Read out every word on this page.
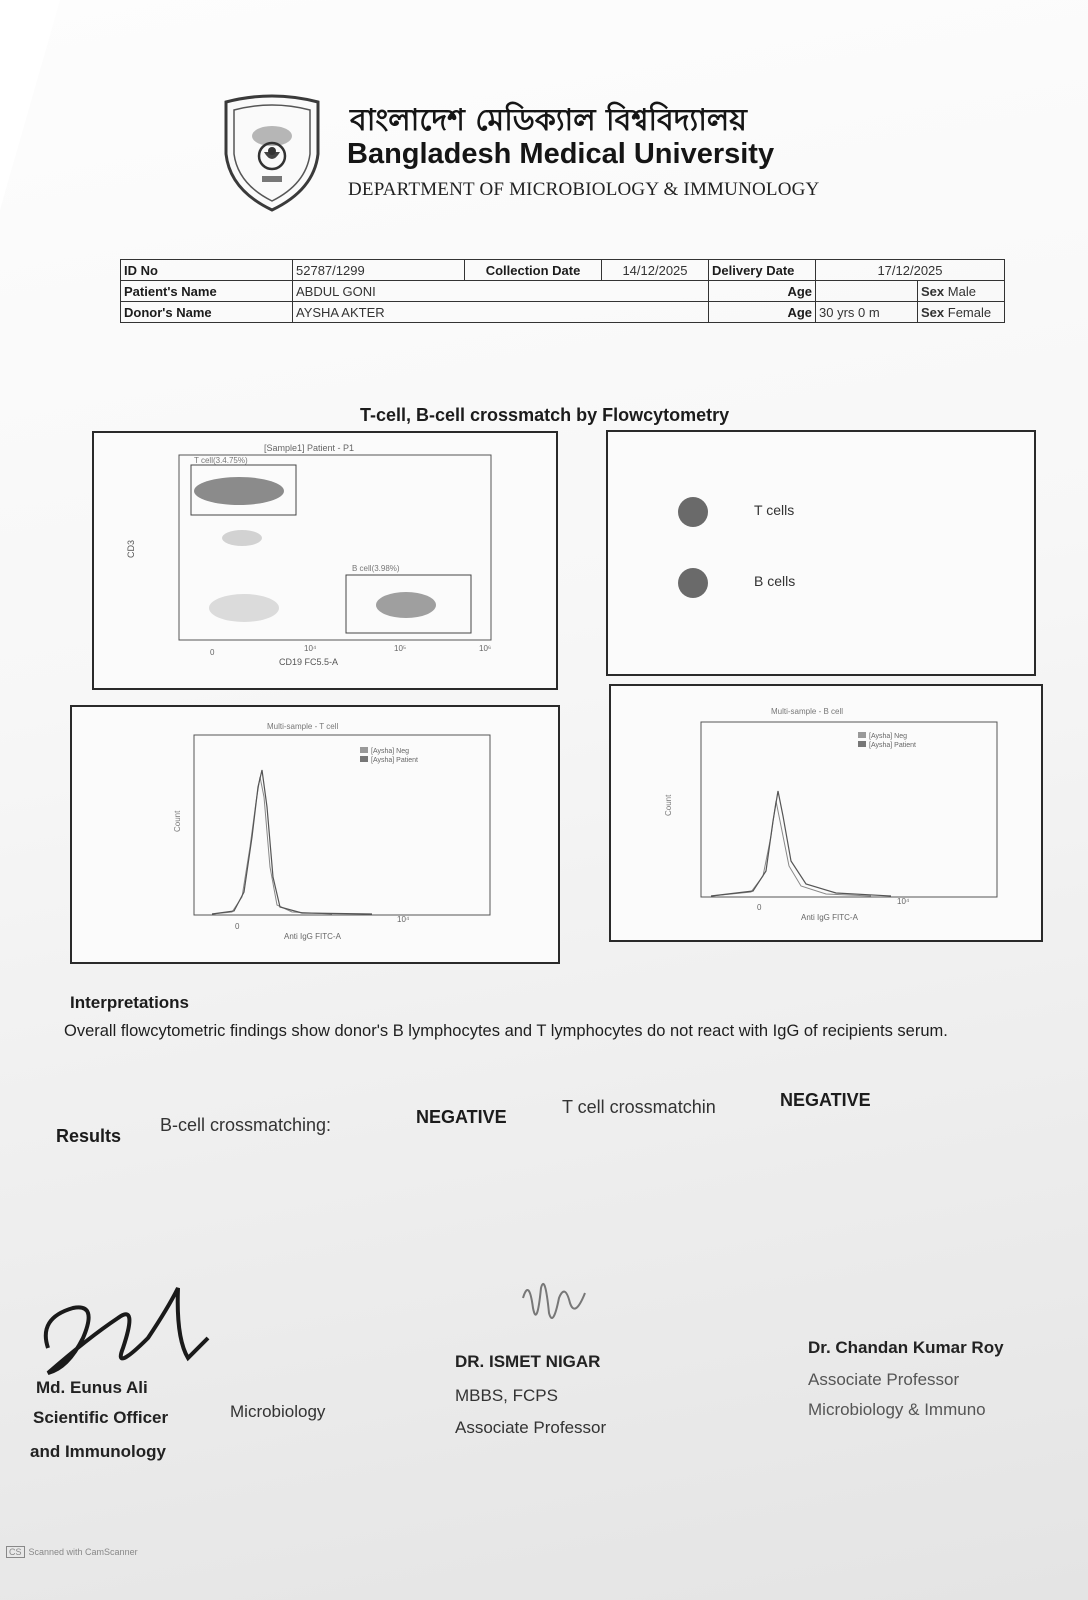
বাংলাদেশ মেডিক্যাল বিশ্ববিদ্যালয়
Bangladesh Medical University
DEPARTMENT OF MICROBIOLOGY & IMMUNOLOGY
ID No	52787/1299	Collection Date	14/12/2025	Delivery Date	17/12/2025	
Patient's Name	ABDUL GONI			Age		Sex Male
Donor's Name	AYSHA AKTER			Age	30 yrs 0 m	Sex Female
T-cell, B-cell crossmatch by Flowcytometry
[Sample1] Patient - P1
T cell(3.4.75%)
B cell(3.98%)
0	10⁴	10⁵	10⁶
CD19 FC5.5-A
CD3
T cells
B cells
Multi-sample - T cell
[Aysha] Neg
[Aysha] Patient
0
10⁴
Anti IgG FITC-A
Count
Multi-sample - B cell
[Aysha] Neg
[Aysha] Patient
0
10⁴
Anti IgG FITC-A
Count
Interpretations
Overall flowcytometric findings show donor's B lymphocytes and T lymphocytes do not react with IgG of recipients serum.
Results
B-cell crossmatching:	NEGATIVE	T cell crossmatchin	NEGATIVE
Md. Eunus Ali
Scientific Officer	Microbiology
and Immunology
DR. ISMET NIGAR
MBBS, FCPS
Associate Professor
Dr. Chandan Kumar Roy
Associate Professor
Microbiology & Immuno
CS Scanned with CamScanner
